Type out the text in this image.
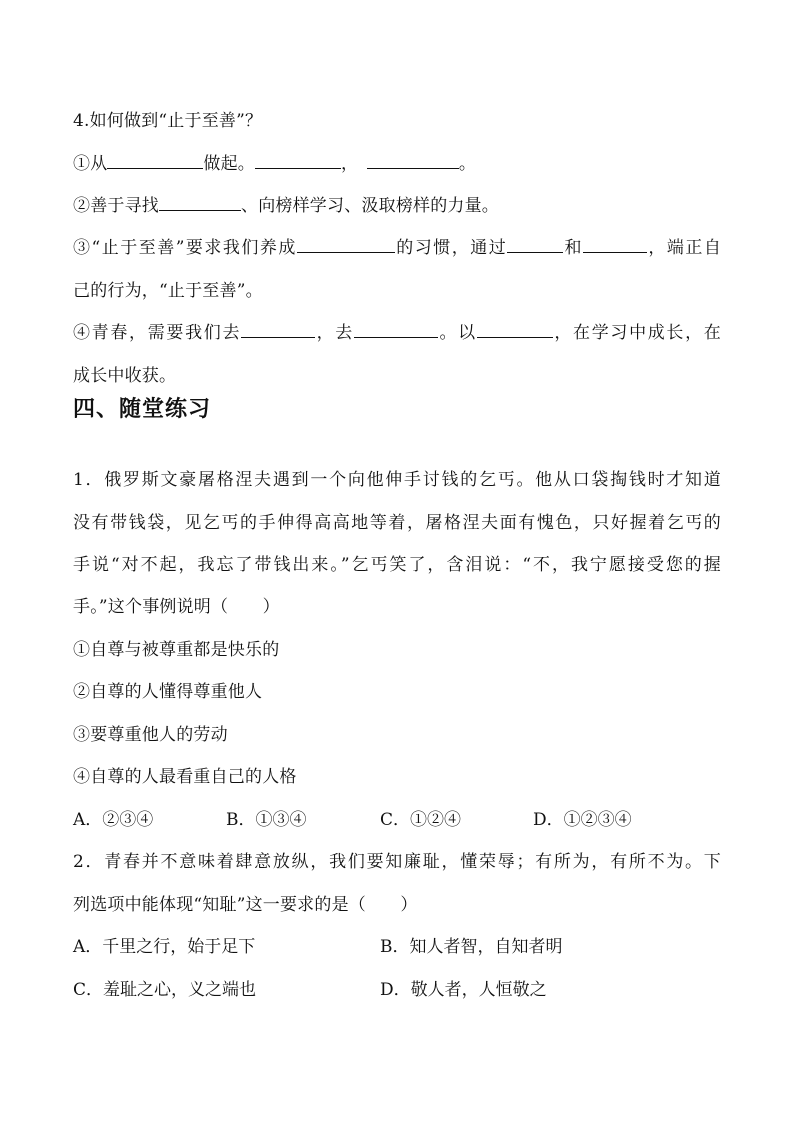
4.如何做到“止于至善”？
①从	做起。	， 	。
②善于寻找	、向榜样学习、汲取榜样的力量。
③“止于至善”要求我们养成	的习惯，通过	和	，端正自
己的行为，“止于至善”。
④青春，需要我们去	，去	。以	，在学习中成长，在
成长中收获。
四、随堂练习
1．俄罗斯文豪屠格涅夫遇到一个向他伸手讨钱的乞丐。他从口袋掏钱时才知道
没有带钱袋，见乞丐的手伸得高高地等着，屠格涅夫面有愧色，只好握着乞丐的
手说“对不起，我忘了带钱出来。”乞丐笑了，含泪说：“不，我宁愿接受您的握
手。”这个事例说明（　　）
①自尊与被尊重都是快乐的
②自尊的人懂得尊重他人
③要尊重他人的劳动
④自尊的人最看重自己的人格
A．②③④	B．①③④	C．①②④	D．①②③④
2．青春并不意味着肆意放纵，我们要知廉耻，懂荣辱；有所为，有所不为。下
列选项中能体现“知耻”这一要求的是（　　）
A．千里之行，始于足下	B．知人者智，自知者明
C．羞耻之心，义之端也	D．敬人者，人恒敬之
